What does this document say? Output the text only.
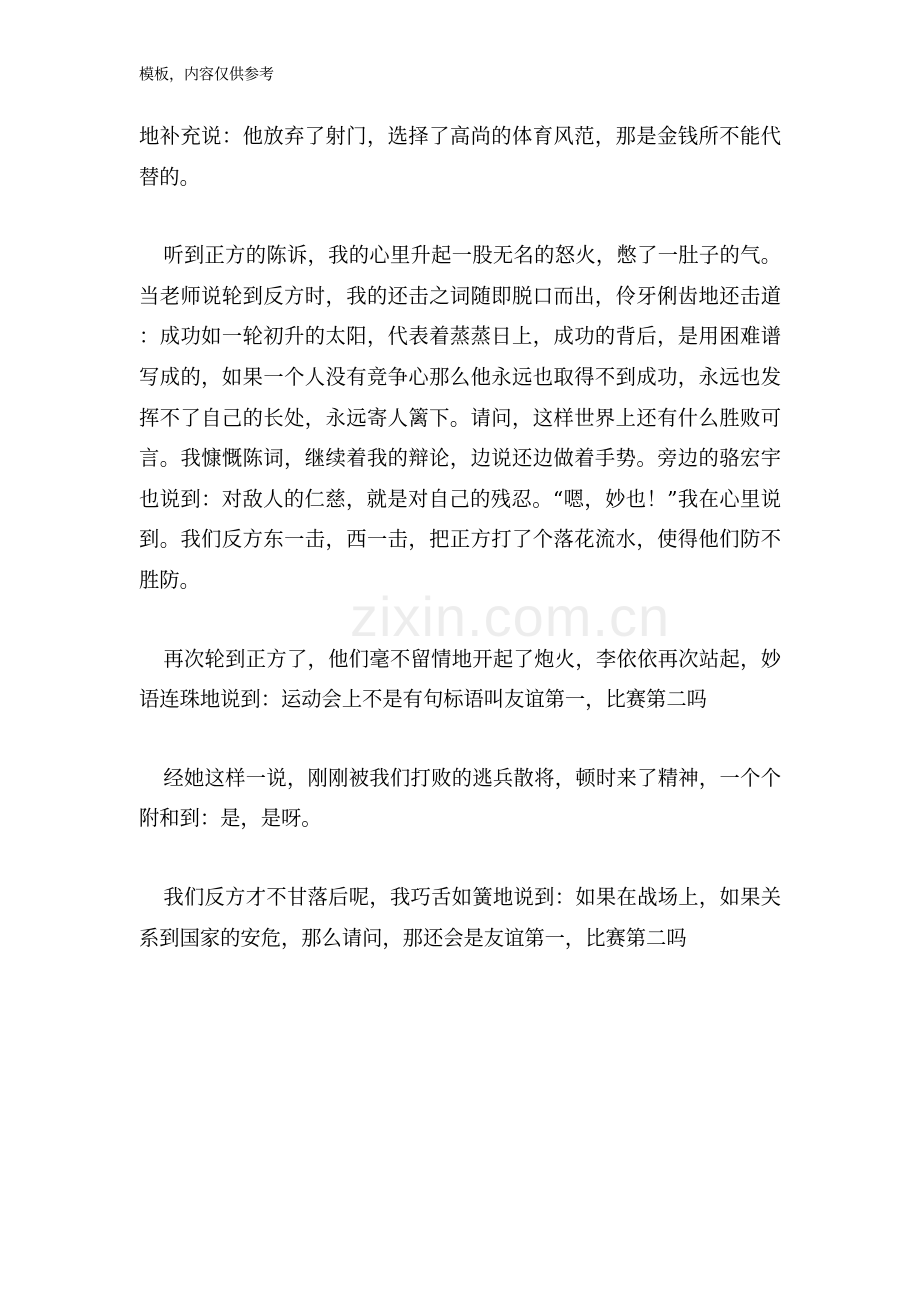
模板，内容仅供参考

地补充说：他放弃了射门，选择了高尚的体育风范，那是金钱所不能代替的。

听到正方的陈诉，我的心里升起一股无名的怒火，憋了一肚子的气。当老师说轮到反方时，我的还击之词随即脱口而出，伶牙俐齿地还击道：成功如一轮初升的太阳，代表着蒸蒸日上，成功的背后，是用困难谱写成的，如果一个人没有竞争心那么他永远也取得不到成功，永远也发挥不了自己的长处，永远寄人篱下。请问，这样世界上还有什么胜败可言。我慷慨陈词，继续着我的辩论，边说还边做着手势。旁边的骆宏宇也说到：对敌人的仁慈，就是对自己的残忍。“嗯，妙也！”我在心里说到。我们反方东一击，西一击，把正方打了个落花流水，使得他们防不胜防。

再次轮到正方了，他们毫不留情地开起了炮火，李依依再次站起，妙语连珠地说到：运动会上不是有句标语叫友谊第一，比赛第二吗

经她这样一说，刚刚被我们打败的逃兵散将，顿时来了精神，一个个附和到：是，是呀。

我们反方才不甘落后呢，我巧舌如簧地说到：如果在战场上，如果关系到国家的安危，那么请问，那还会是友谊第一，比赛第二吗

zixin.com.cn
